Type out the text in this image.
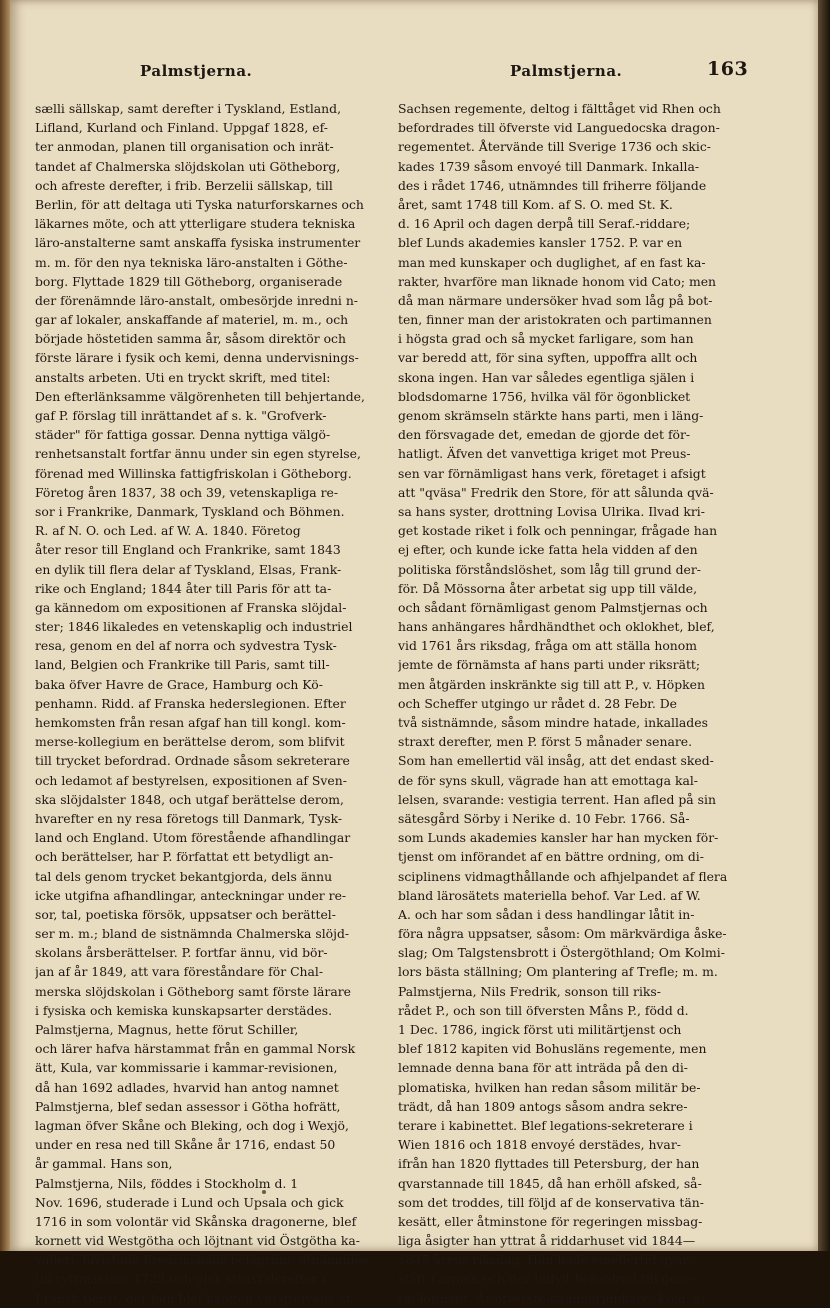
Palmstjerna.	Palmstjerna.	163
sælli sällskap, samt derefter i Tyskland, Estland,
Lifland, Kurland och Finland. Uppgaf 1828, ef-
ter anmodan, planen till organisation och inrät-
tandet af Chalmerska slöjdskolan uti Götheborg,
och afreste derefter, i frib. Berzelii sällskap, till
Berlin, för att deltaga uti Tyska naturforskarnes och
läkarnes möte, och att ytterligare studera tekniska
läro-anstalterne samt anskaffa fysiska instrumenter
m. m. för den nya tekniska läro-anstalten i Göthe-
borg. Flyttade 1829 till Götheborg, organiserade
der förenämnde läro-anstalt, ombesörjde inredni n-
gar af lokaler, anskaffande af materiel, m. m., och
började höstetiden samma år, såsom direktör och
förste lärare i fysik och kemi, denna undervisnings-
anstalts arbeten. Uti en tryckt skrift, med titel:
Den efterlänksamme välgörenheten till behjertande,
gaf P. förslag till inrättandet af s. k. "Grofverk-
städer" för fattiga gossar. Denna nyttiga välgö-
renhetsanstalt fortfar ännu under sin egen styrelse,
förenad med Willinska fattigfriskolan i Götheborg.
Företog åren 1837, 38 och 39, vetenskapliga re-
sor i Frankrike, Danmark, Tyskland och Böhmen.
R. af N. O. och Led. af W. A. 1840. Företog
åter resor till England och Frankrike, samt 1843
en dylik till flera delar af Tyskland, Elsas, Frank-
rike och England; 1844 åter till Paris för att ta-
ga kännedom om expositionen af Franska slöjdal-
ster; 1846 likaledes en vetenskaplig och industriel
resa, genom en del af norra och sydvestra Tysk-
land, Belgien och Frankrike till Paris, samt till-
baka öfver Havre de Grace, Hamburg och Kö-
penhamn. Ridd. af Franska hederslegionen. Efter
hemkomsten från resan afgaf han till kongl. kom-
merse-kollegium en berättelse derom, som blifvit
till trycket befordrad. Ordnade såsom sekreterare
och ledamot af bestyrelsen, expositionen af Sven-
ska slöjdalster 1848, och utgaf berättelse derom,
hvarefter en ny resa företogs till Danmark, Tysk-
land och England. Utom förestående afhandlingar
och berättelser, har P. författat ett betydligt an-
tal dels genom trycket bekantgjorda, dels ännu
icke utgifna afhandlingar, anteckningar under re-
sor, tal, poetiska försök, uppsatser och berättel-
ser m. m.; bland de sistnämnda Chalmerska slöjd-
skolans årsberättelser. P. fortfar ännu, vid bör-
jan af år 1849, att vara föreståndare för Chal-
merska slöjdskolan i Götheborg samt förste lärare
i fysiska och kemiska kunskapsarter derstädes.
Palmstjerna, Magnus, hette förut Schiller,
och lärer hafva härstammat från en gammal Norsk
ätt, Kula, var kommissarie i kammar-revisionen,
då han 1692 adlades, hvarvid han antog namnet
Palmstjerna, blef sedan assessor i Götha hofrätt,
lagman öfver Skåne och Bleking, och dog i Wexjö,
under en resa ned till Skåne år 1716, endast 50
år gammal. Hans son,
Palmstjerna, Nils, föddes i Stockholm d. 1
Nov. 1696, studerade i Lund och Upsala och gick
1716 in som volontär vid Skånska dragonerne, blef
kornett vid Westgötha och löjtnant vid Östgötha ka-
valleri, bivistade Fredrikshalls belägring, utnämndes
till ryttmästare 1723 och gick straxt derefter i
Fransk tjenst, der han blef kapiten vid grefvens af
Sachsen regemente, deltog i fälttåget vid Rhen och
befordrades till öfverste vid Languedocska dragon-
regementet. Återvände till Sverige 1736 och skic-
kades 1739 såsom envoyé till Danmark. Inkalla-
des i rådet 1746, utnämndes till friherre följande
året, samt 1748 till Kom. af S. O. med St. K.
d. 16 April och dagen derpå till Seraf.-riddare;
blef Lunds akademies kansler 1752. P. var en
man med kunskaper och duglighet, af en fast ka-
rakter, hvarföre man liknade honom vid Cato; men
då man närmare undersöker hvad som låg på bot-
ten, finner man der aristokraten och partimannen
i högsta grad och så mycket farligare, som han
var beredd att, för sina syften, uppoffra allt och
skona ingen. Han var således egentliga själen i
blodsdomarne 1756, hvilka väl för ögonblicket
genom skrämseln stärkte hans parti, men i läng-
den försvagade det, emedan de gjorde det för-
hatligt. Äfven det vanvettiga kriget mot Preus-
sen var förnämligast hans verk, företaget i afsigt
att "qväsa" Fredrik den Store, för att sålunda qvä-
sa hans syster, drottning Lovisa Ulrika. Ilvad kri-
get kostade riket i folk och penningar, frågade han
ej efter, och kunde icke fatta hela vidden af den
politiska förståndslöshet, som låg till grund der-
för. Då Mössorna åter arbetat sig upp till välde,
och sådant förnämligast genom Palmstjernas och
hans anhängares hårdhändthet och oklokhet, blef,
vid 1761 års riksdag, fråga om att ställa honom
jemte de förnämsta af hans parti under riksrätt;
men åtgärden inskränkte sig till att P., v. Höpken
och Scheffer utgingo ur rådet d. 28 Febr. De
två sistnämnde, såsom mindre hatade, inkallades
straxt derefter, men P. först 5 månader senare.
Som han emellertid väl insåg, att det endast sked-
de för syns skull, vägrade han att emottaga kal-
lelsen, svarande: vestigia terrent. Han afled på sin
sätesgård Sörby i Nerike d. 10 Febr. 1766. Så-
som Lunds akademies kansler har han mycken för-
tjenst om införandet af en bättre ordning, om di-
sciplinens vidmagthållande och afhjelpandet af flera
bland lärosätets materiella behof. Var Led. af W.
A. och har som sådan i dess handlingar låtit in-
föra några uppsatser, såsom: Om märkvärdiga åske-
slag; Om Talgstensbrott i Östergöthland; Om Kolmi-
lors bästa ställning; Om plantering af Trefle; m. m.
Palmstjerna, Nils Fredrik, sonson till riks-
rådet P., och son till öfversten Måns P., född d.
1 Dec. 1786, ingick först uti militärtjenst och
blef 1812 kapiten vid Bohusläns regemente, men
lemnade denna bana för att inträda på den di-
plomatiska, hvilken han redan såsom militär be-
trädt, då han 1809 antogs såsom andra sekre-
terare i kabinettet. Blef legations-sekreterare i
Wien 1816 och 1818 envoyé derstädes, hvar-
ifrån han 1820 flyttades till Petersburg, der han
qvarstannade till 1845, då han erhöll afsked, så-
som det troddes, till följd af de konservativa tän-
kesätt, eller åtminstone för regeringen missbag-
liga åsigter han yttrat å riddarhuset vid 1844—
1845 årens riksdag. Han hade emellertid qvar-
stått i armén och der blifvit befordrad till gene-
ral-löjtnant. Är öfverste-kammarjunkare, Kom. af
